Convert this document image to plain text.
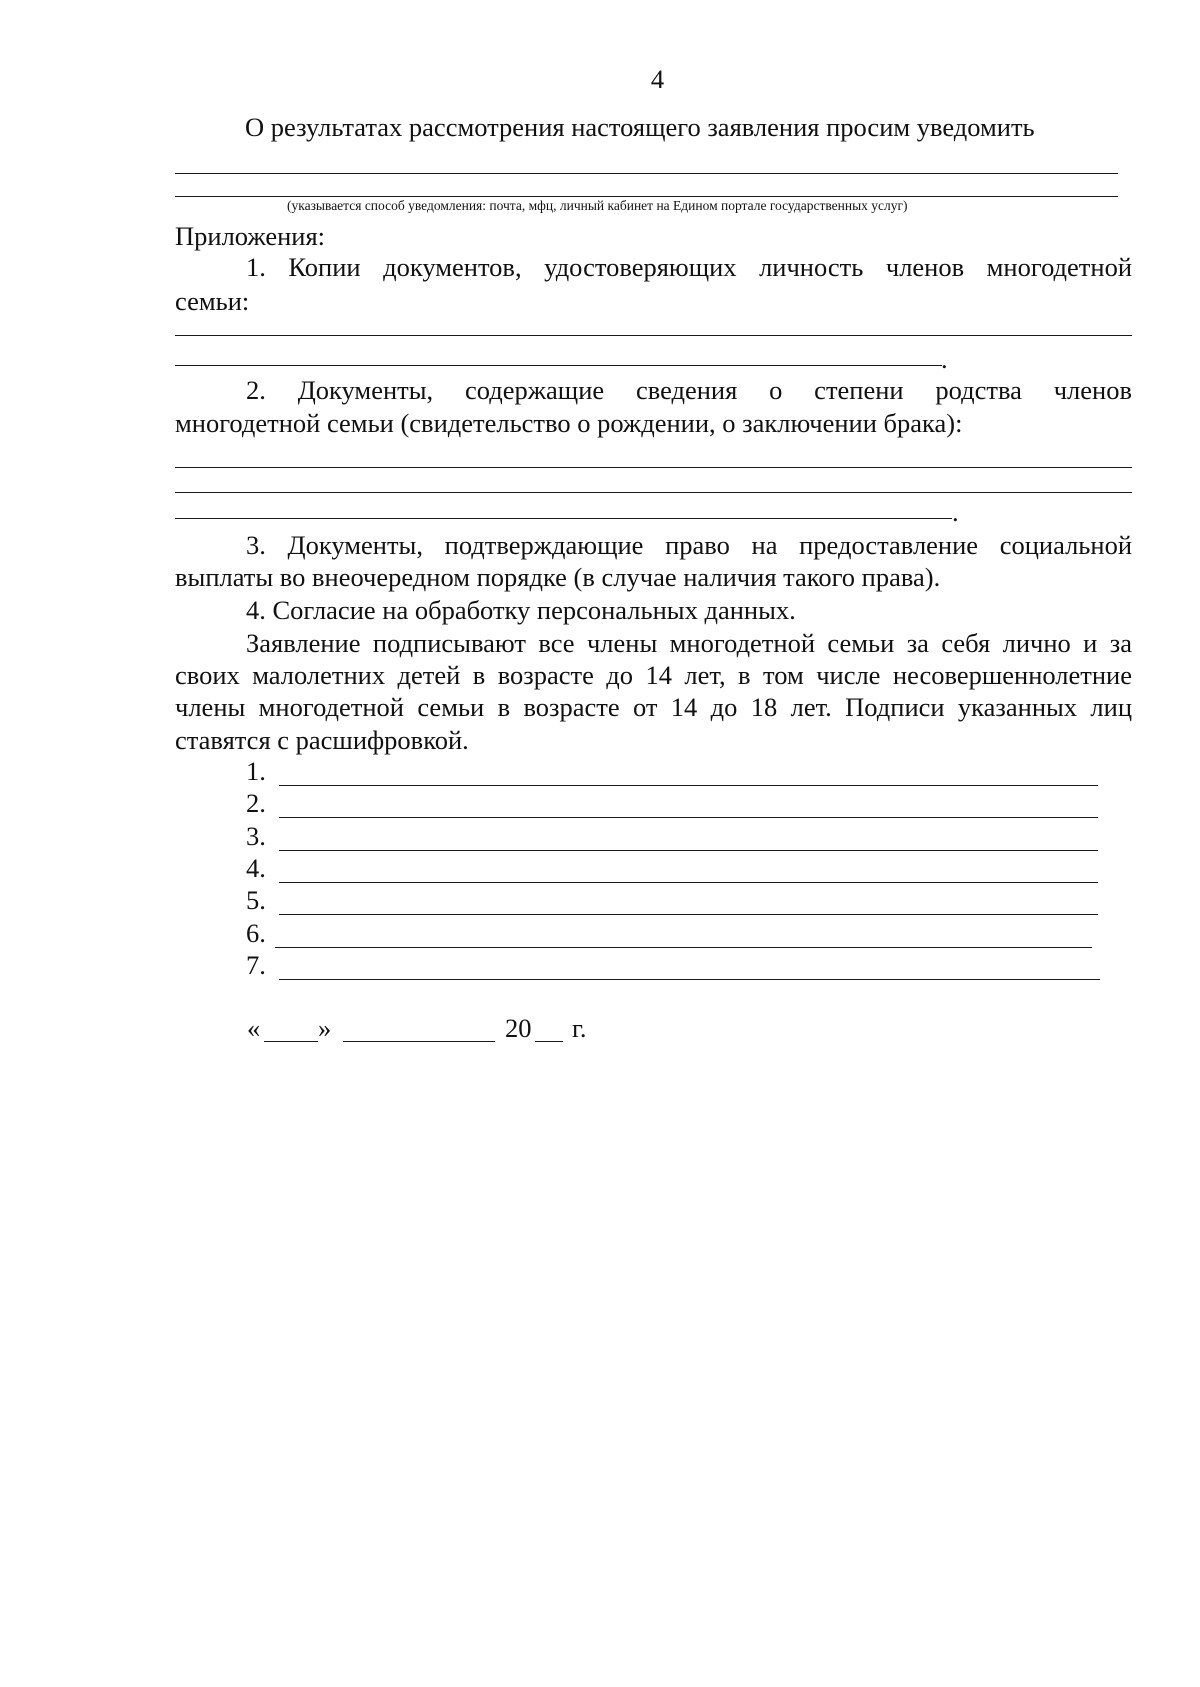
4
О результатах рассмотрения настоящего заявления просим уведомить
(указывается способ уведомления: почта, мфц, личный кабинет на Едином портале государственных услуг)
Приложения:
1. Копии документов, удостоверяющих личность членов многодетной
семьи:
.
2. Документы, содержащие сведения о степени родства членов
многодетной семьи (свидетельство о рождении, о заключении брака):
.
3. Документы, подтверждающие право на предоставление социальной
выплаты во внеочередном порядке (в случае наличия такого права).
4. Согласие на обработку персональных данных.
Заявление подписывают все члены многодетной семьи за себя лично и за
своих малолетних детей в возрасте до 14 лет, в том числе несовершеннолетние
члены многодетной семьи в возрасте от 14 до 18 лет. Подписи указанных лиц
ставятся с расшифровкой.
1.
2.
3.
4.
5.
6.
7.
« »	20 г.
